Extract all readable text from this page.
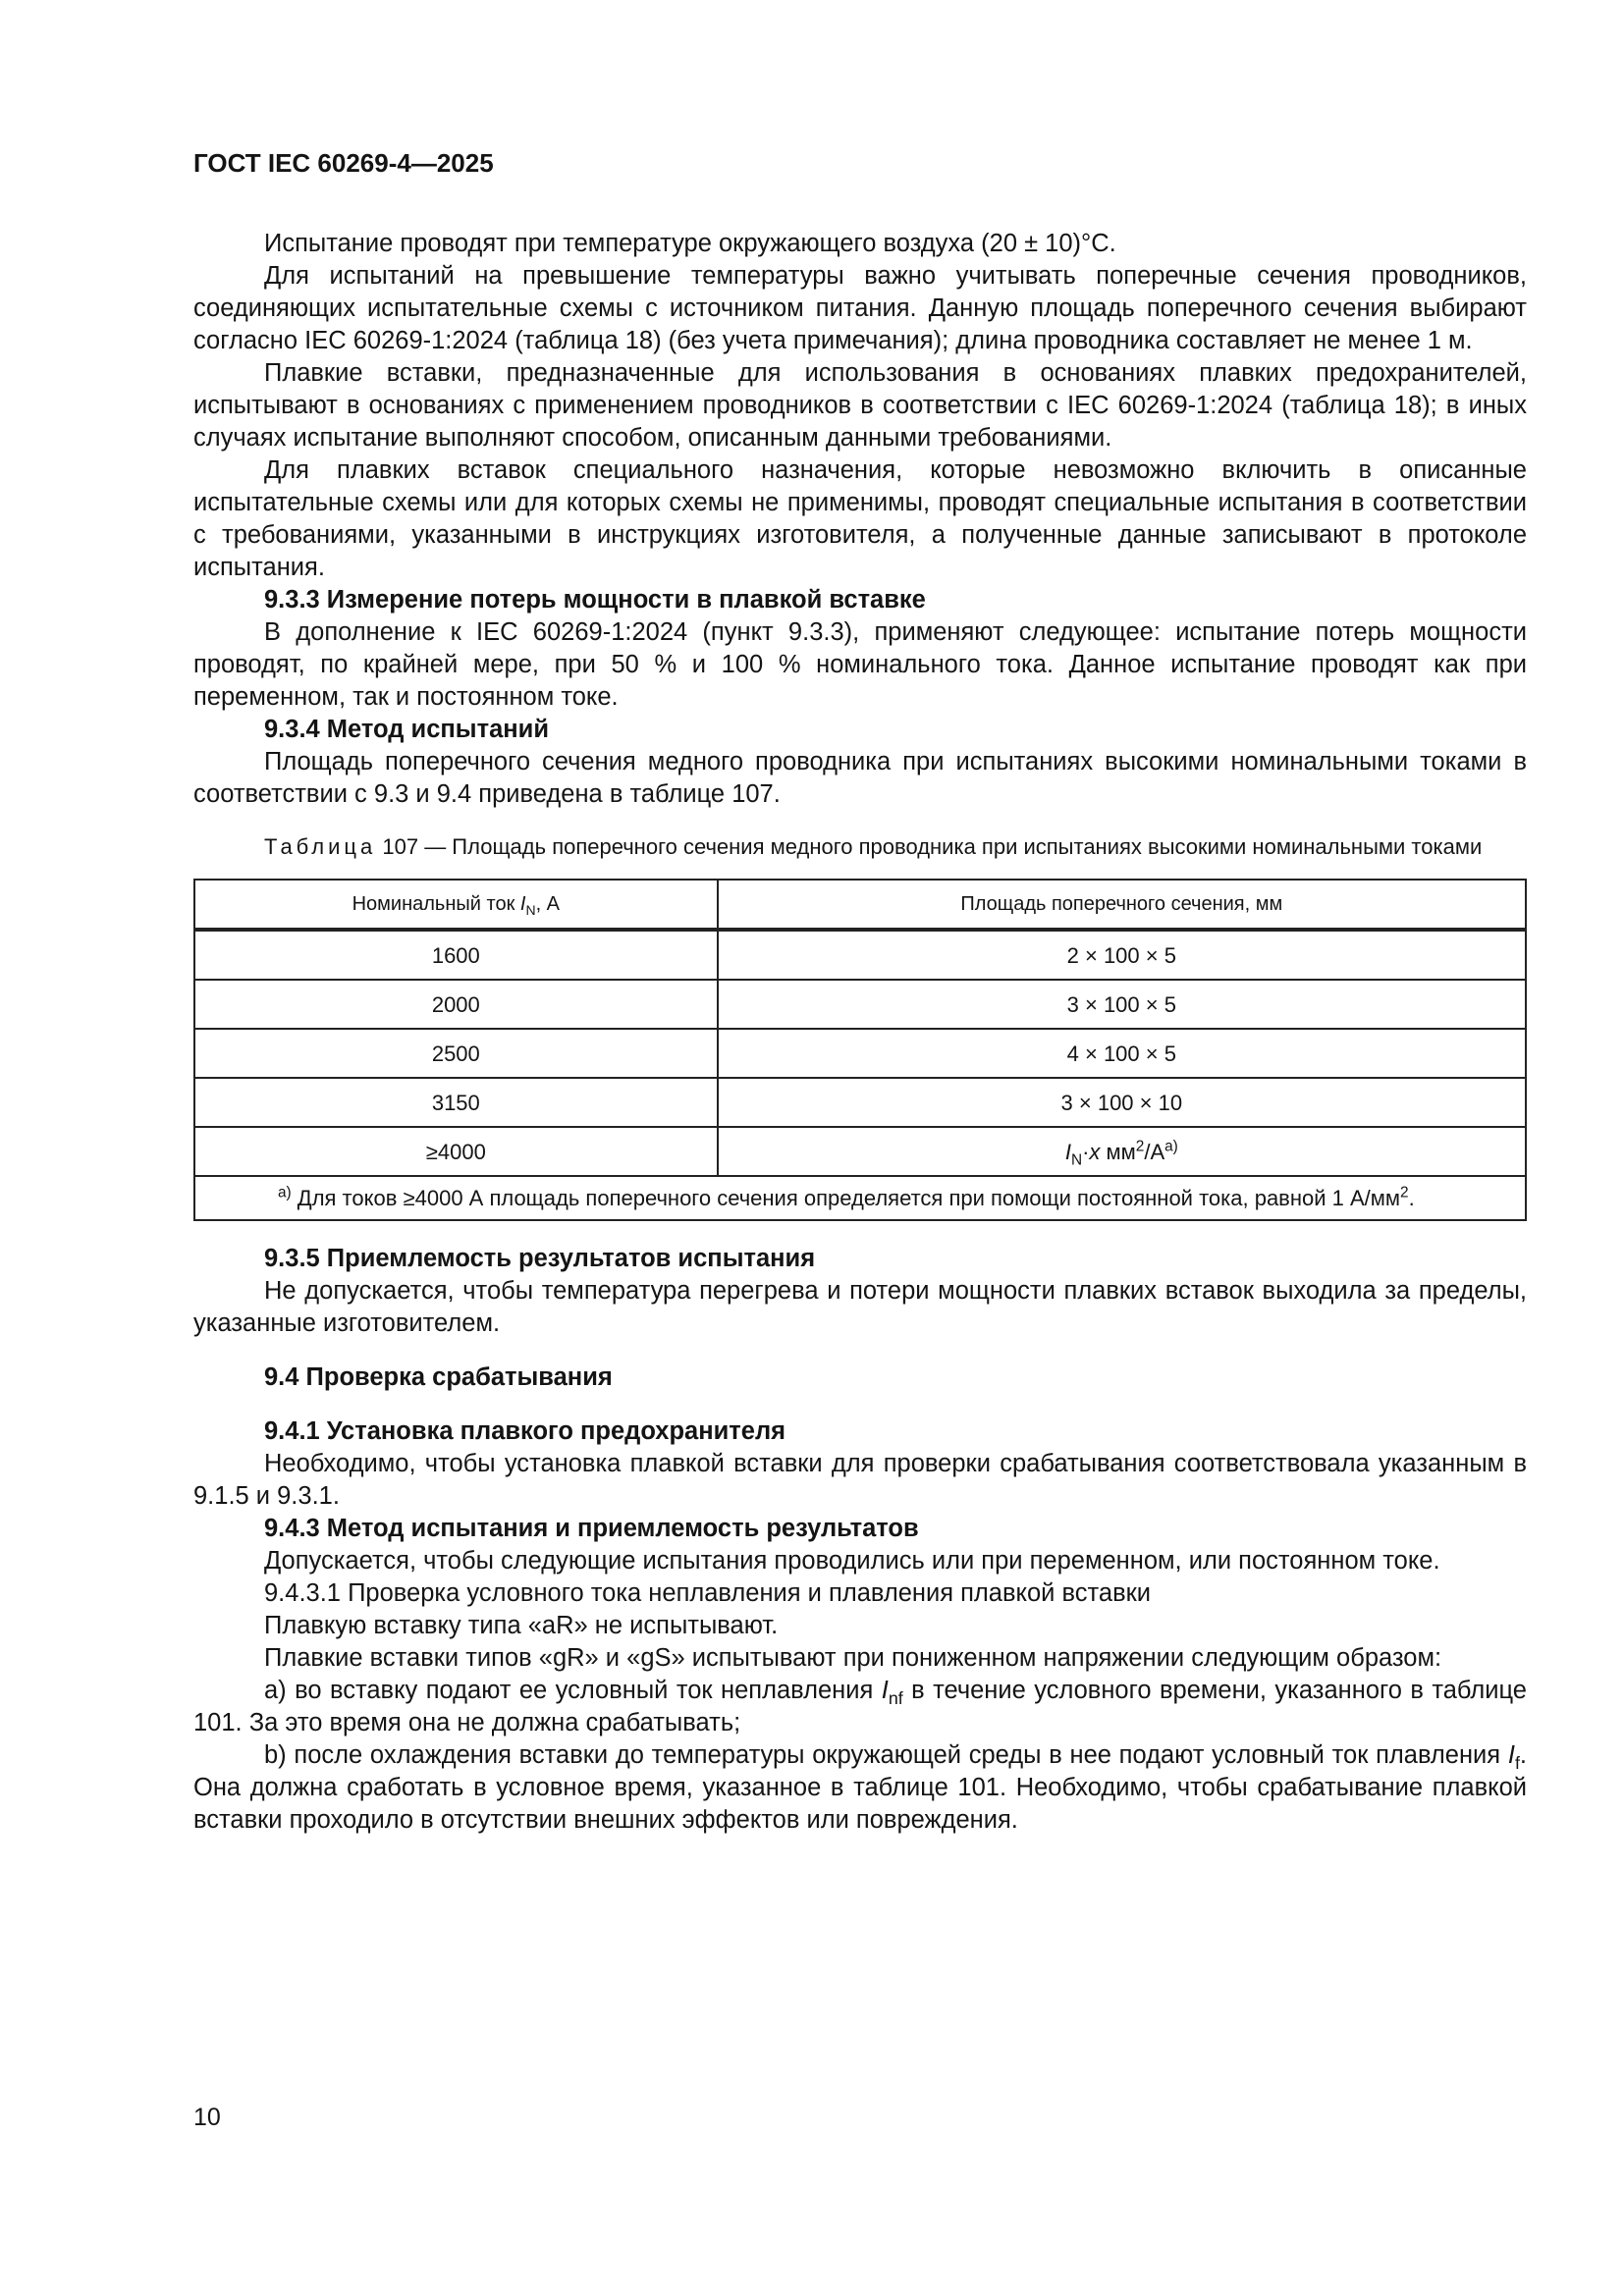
ГОСТ IEC 60269-4—2025

Испытание проводят при температуре окружающего воздуха (20 ± 10)°С.

Для испытаний на превышение температуры важно учитывать поперечные сечения проводников, соединяющих испытательные схемы с источником питания. Данную площадь поперечного сечения выбирают согласно IEC 60269-1:2024 (таблица 18) (без учета примечания); длина проводника составляет не менее 1 м.

Плавкие вставки, предназначенные для использования в основаниях плавких предохранителей, испытывают в основаниях с применением проводников в соответствии с IEC 60269-1:2024 (таблица 18); в иных случаях испытание выполняют способом, описанным данными требованиями.

Для плавких вставок специального назначения, которые невозможно включить в описанные испытательные схемы или для которых схемы не применимы, проводят специальные испытания в соответствии с требованиями, указанными в инструкциях изготовителя, а полученные данные записывают в протоколе испытания.

9.3.3 Измерение потерь мощности в плавкой вставке

В дополнение к IEC 60269-1:2024 (пункт 9.3.3), применяют следующее: испытание потерь мощности проводят, по крайней мере, при 50 % и 100 % номинального тока. Данное испытание проводят как при переменном, так и постоянном токе.

9.3.4 Метод испытаний

Площадь поперечного сечения медного проводника при испытаниях высокими номинальными токами в соответствии с 9.3 и 9.4 приведена в таблице 107.

Таблица 107 — Площадь поперечного сечения медного проводника при испытаниях высокими номинальными токами

Номинальный ток $I_N$, А	Площадь поперечного сечения, мм
1600	2 × 100 × 5
2000	3 × 100 × 5
2500	4 × 100 × 5
3150	3 × 100 × 10
≥4000	$I_N\cdot x$ $мм^2/А^{а)}$
$^{а)}$ Для токов ≥4000 А площадь поперечного сечения определяется при помощи постоянной тока, равной 1 $А/мм^2$.	
9.3.5 Приемлемость результатов испытания

Не допускается, чтобы температура перегрева и потери мощности плавких вставок выходила за пределы, указанные изготовителем.

9.4 Проверка срабатывания
9.4.1 Установка плавкого предохранителя

Необходимо, чтобы установка плавкой вставки для проверки срабатывания соответствовала указанным в 9.1.5 и 9.3.1.

9.4.3 Метод испытания и приемлемость результатов

Допускается, чтобы следующие испытания проводились или при переменном, или постоянном токе.

9.4.3.1 Проверка условного тока неплавления и плавления плавкой вставки

Плавкую вставку типа «aR» не испытывают.

Плавкие вставки типов «gR» и «gS» испытывают при пониженном напряжении следующим образом:

а) во вставку подают ее условный ток неплавления $I_{nf}$ в течение условного времени, указанного в таблице 101. За это время она не должна срабатывать;

b) после охлаждения вставки до температуры окружающей среды в нее подают условный ток плавления $I_f$. Она должна сработать в условное время, указанное в таблице 101. Необходимо, чтобы срабатывание плавкой вставки проходило в отсутствии внешних эффектов или повреждения.

10
